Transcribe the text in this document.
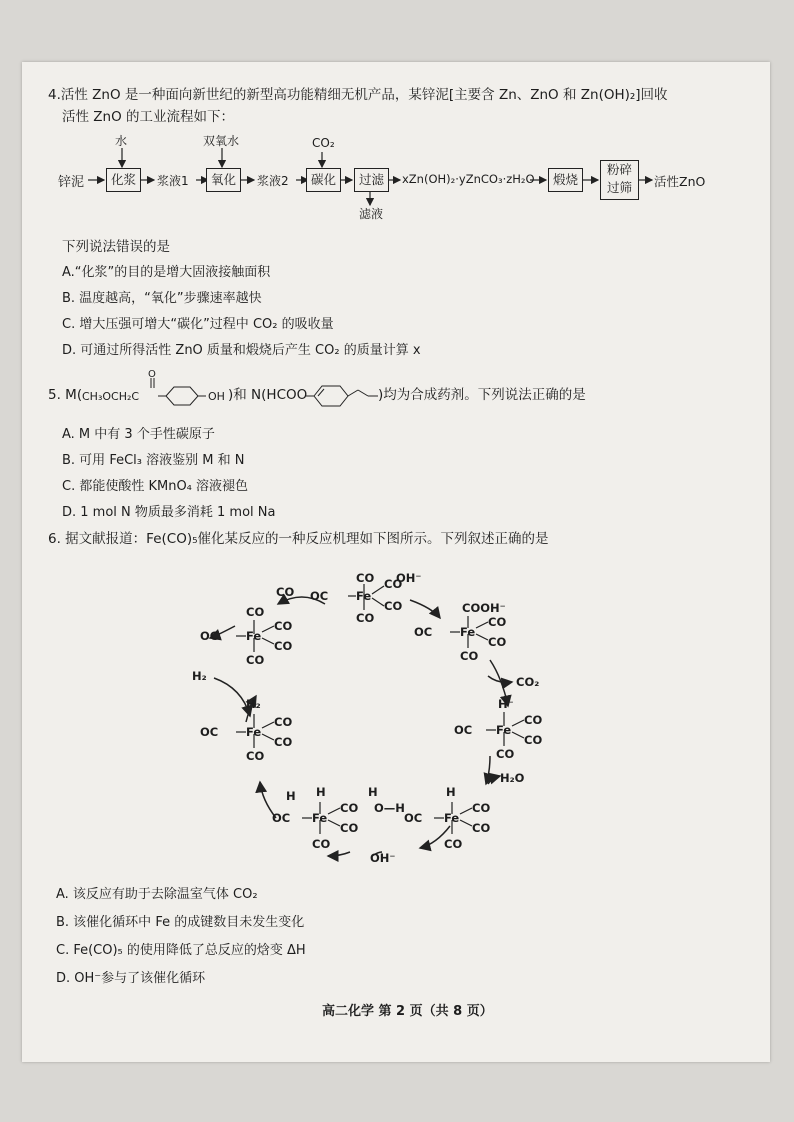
4.活性 ZnO 是一种面向新世纪的新型高功能精细无机产品，某锌泥[主要含 Zn、ZnO 和 Zn(OH)₂]回收
活性 ZnO 的工业流程如下：
锌泥
水
化浆	浆液1
双氧水
氧化	浆液2
CO₂
碳化	过滤
滤液
xZn(OH)₂·yZnCO₃·zH₂O	煅烧
粉碎
过筛	活性ZnO
下列说法错误的是
A.“化浆”的目的是增大固液接触面积
B. 温度越高，“氧化”步骤速率越快
C. 增大压强可增大“碳化”过程中 CO₂ 的吸收量
D. 可通过所得活性 ZnO 质量和煅烧后产生 CO₂ 的质量计算 x
5. M( CH₃OCH₂C
O
OH )和 N(HCOO	)均为合成药剂。下列说法正确的是
A. M 中有 3 个手性碳原子
B. 可用 FeCl₃ 溶液鉴别 M 和 N
C. 都能使酸性 KMnO₄ 溶液褪色
D. 1 mol N 物质最多消耗 1 mol Na
6. 据文献报道：Fe(CO)₅催化某反应的一种反应机理如下图所示。下列叙述正确的是
CO
OC Fe
CO
CO
CO
OH⁻
CO
CO
OC Fe
CO
CO
CO
H₂
COOH⁻
OC Fe
CO
CO
CO
CO₂
H₂
OC Fe
CO
CO
CO
H⁻
OC Fe
CO
CO
CO
H₂O
H H
OC Fe
CO
CO
CO
H
O—H
OH⁻
H
OC Fe
CO
CO
CO
A. 该反应有助于去除温室气体 CO₂
B. 该催化循环中 Fe 的成键数目未发生变化
C. Fe(CO)₅ 的使用降低了总反应的焓变 ΔH
D. OH⁻参与了该催化循环
高二化学 第 2 页（共 8 页）
